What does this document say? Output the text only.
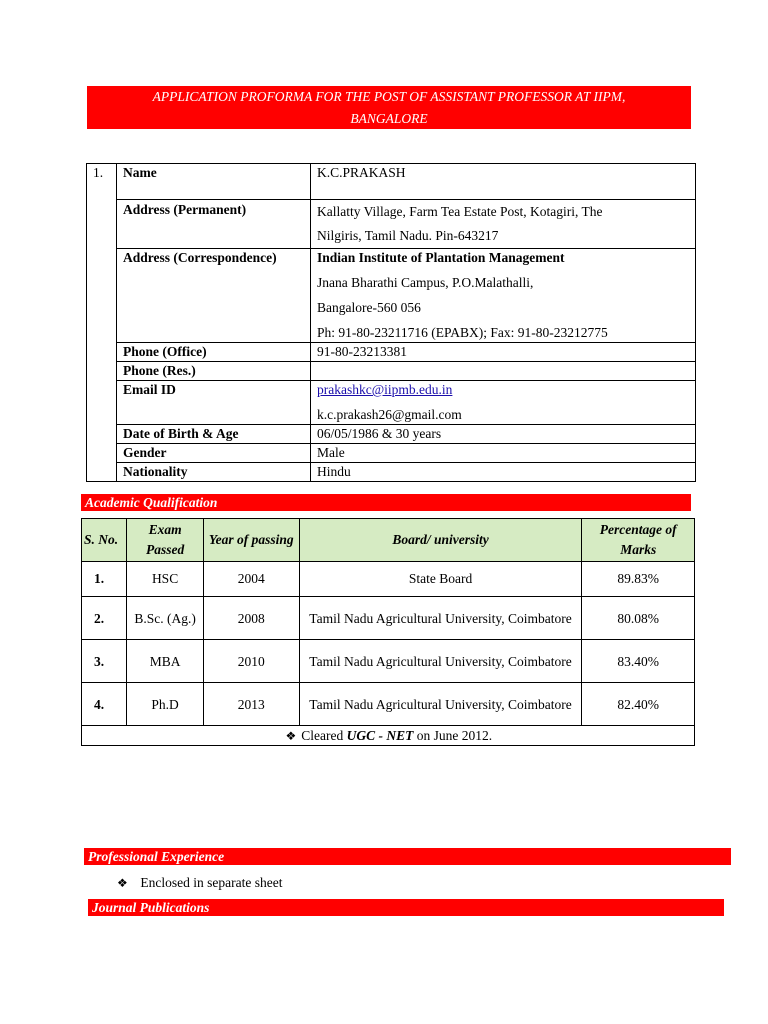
APPLICATION PROFORMA FOR THE POST OF ASSISTANT PROFESSOR AT IIPM,
BANGALORE
1.	Name	K.C.PRAKASH
	Address (Permanent)	Kallatty Village, Farm Tea Estate Post, Kotagiri, The
Nilgiris, Tamil Nadu. Pin-643217

	Address (Correspondence)	Indian Institute of Plantation Management

Jnana Bharathi Campus, P.O.Malathalli,

Bangalore-560 056

Ph: 91-80-23211716 (EPABX); Fax: 91-80-23212775

	Phone (Office)	91-80-23213381
	Phone (Res.)	
	Email ID	prakashkc@iipmb.edu.in

k.c.prakash26@gmail.com

	Date of Birth & Age	06/05/1986 & 30 years
	Gender	Male
	Nationality	Hindu
Academic Qualification
S. No.	Exam Passed	Year of passing	Board/ university	Percentage of Marks
1.	HSC	2004	State Board	89.83%
2.	B.Sc. (Ag.)	2008	Tamil Nadu Agricultural University, Coimbatore	80.08%
3.	MBA	2010	Tamil Nadu Agricultural University, Coimbatore	83.40%
4.	Ph.D	2013	Tamil Nadu Agricultural University, Coimbatore	82.40%
❖ Cleared UGC - NET on June 2012.				
Professional Experience
❖ Enclosed in separate sheet
Journal Publications
